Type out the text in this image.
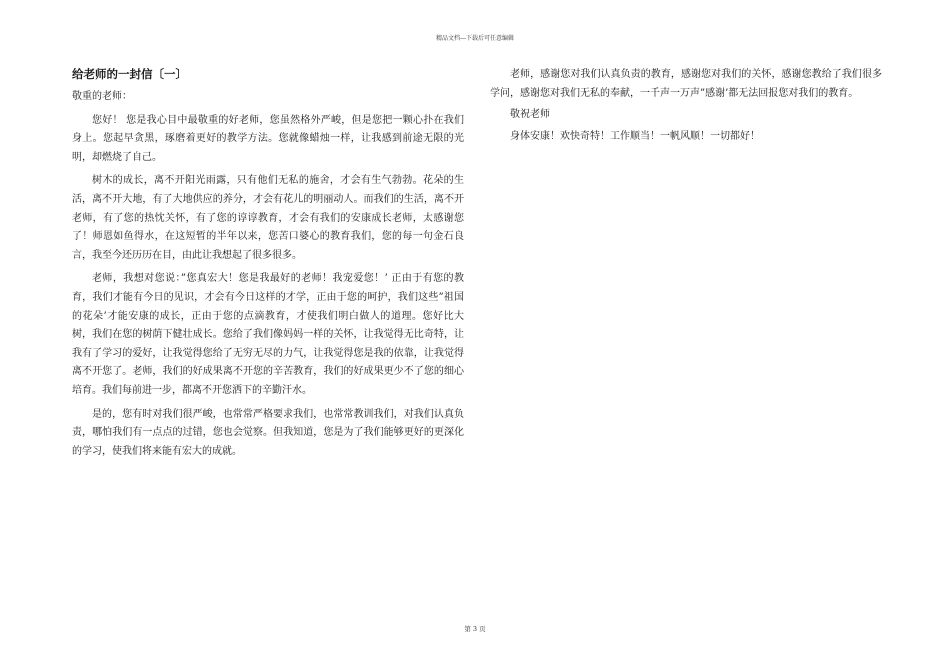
精品文档---下载后可任意编辑
给老师的一封信〔一〕

敬重的老师：

您好！ 您是我心目中最敬重的好老师，您虽然格外严峻，但是您把一颗心扑在我们身上。您起早贪黑，琢磨着更好的教学方法。您就像蜡烛一样，让我感到前途无限的光明，却燃烧了自己。

树木的成长，离不开阳光雨露，只有他们无私的施舍，才会有生气勃勃。花朵的生活，离不开大地，有了大地供应的养分，才会有花儿的明丽动人。而我们的生活，离不开老师，有了您的热忱关怀，有了您的谆谆教育，才会有我们的安康成长老师，太感谢您了！师恩如鱼得水，在这短暂的半年以来，您苦口婆心的教育我们，您的每一句金石良言，我至今还历历在目，由此让我想起了很多很多。

老师，我想对您说：”您真宏大！您是我最好的老师！我宠爱您！’ 正由于有您的教育，我们才能有今日的见识，才会有今日这样的才学，正由于您的呵护，我们这些”祖国的花朵’才能安康的成长，正由于您的点滴教育，才使我们明白做人的道理。您好比大树，我们在您的树荫下健壮成长。您给了我们像妈妈一样的关怀，让我觉得无比奇特，让我有了学习的爱好，让我觉得您给了无穷无尽的力气，让我觉得您是我的依靠，让我觉得离不开您了。老师，我们的好成果离不开您的辛苦教育，我们的好成果更少不了您的细心培育。我们每前进一步，都离不开您洒下的辛勤汗水。

是的，您有时对我们很严峻，也常常严格要求我们，也常常教训我们，对我们认真负责，哪怕我们有一点点的过错，您也会觉察。但我知道，您是为了我们能够更好的更深化的学习，使我们将来能有宏大的成就。

老师，感谢您对我们认真负责的教育，感谢您对我们的关怀，感谢您教给了我们很多学问，感谢您对我们无私的奉献，一千声一万声”感谢’都无法回报您对我们的教育。

敬祝老师

身体安康！欢快奇特！工作顺当！一帆风顺！一切都好！

第 3 页
